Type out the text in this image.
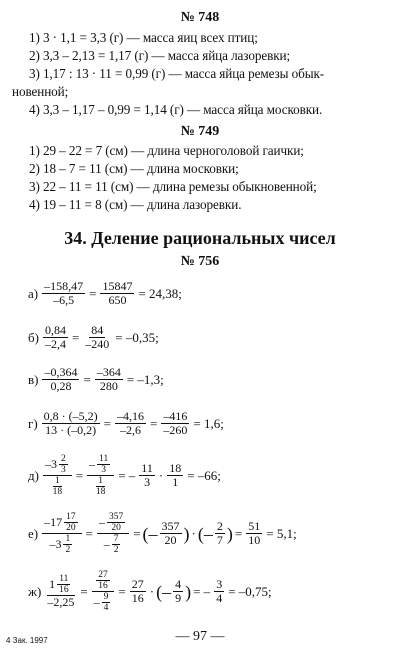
№ 748
1) 3 · 1,1 = 3,3 (г) — масса яиц всех птиц;
2) 3,3 – 2,13 = 1,17 (г) — масса яйца лазоревки;
3) 1,17 : 13 · 11 = 0,99 (г) — масса яйца ремезы обык-
новенной;
4) 3,3 – 1,17 – 0,99 = 1,14 (г) — масса яйца московки.
№ 749
1) 29 – 22 = 7 (см) — длина черноголовой гаички;
2) 18 – 7 = 11 (см) — длина московки;
3) 22 – 11 = 11 (см) — длина ремезы обыкновенной;
4) 19 – 11 = 8 (см) — длина лазоревки.
34. Деление рациональных чисел
№ 756
$а) \frac{-158,47}{-6,5} = \frac{15847}{650} = 24,38$;
$б) \frac{0,84}{-2,4} = \frac{84}{-240} = -0,35$;
$в) \frac{-0,364}{0,28} = \frac{-364}{280} = -1,3$;
$г) \frac{0,8 \cdot (-5,2)}{13 \cdot (-0,2)} = \frac{-4,16}{-2,6} = \frac{-416}{-260} = 1,6$;
$д) \frac{-3 \frac{2}{3}}{\frac{1}{18}} = \frac{- \frac{11}{3}}{\frac{1}{18}}$ = – $\frac{11}{3} \cdot \frac{18}{1} = -66$;
$е) \frac{-17 \frac{17}{20}}{-3 \frac{1}{2}} = \frac{- \frac{357}{20}}{- \frac{7}{2}}$ = (– $\frac{357}{20}$ ) · (– $\frac{2}{7}$ ) = $\frac{51}{10} = 5,1$;
$ж) \frac{1 \frac{11}{16}}{-2,25} = \frac{\frac{27}{16}}{- \frac{9}{4}} = \frac{27}{16}$ · (– $\frac{4}{9}$ ) = – $\frac{3}{4} = -0,75$;
4 Зак. 1997	— 97 —
